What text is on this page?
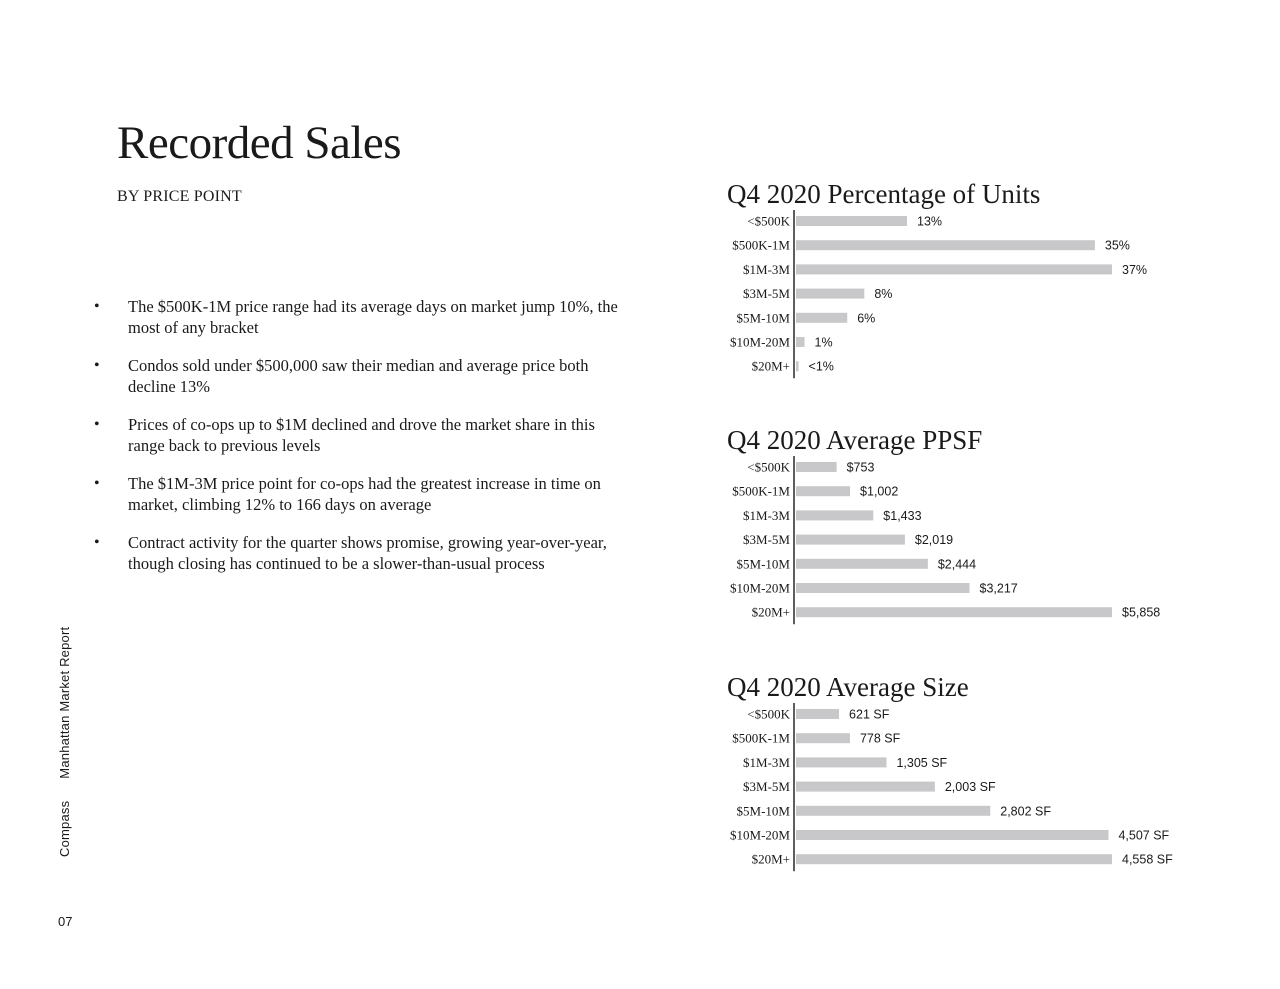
Recorded Sales
BY PRICE POINT
• The $500K-1M price range had its average days on market jump 10%, the most of any bracket
• Condos sold under $500,000 saw their median and average price both decline 13%
• Prices of co-ops up to $1M declined and drove the market share in this range back to previous levels
• The $1M-3M price point for co-ops had the greatest increase in time on market, climbing 12% to 166 days on average
• Contract activity for the quarter shows promise, growing year-over-year, though closing has continued to be a slower-than-usual process
CompassManhattan Market Report
07
Q4 2020 Percentage of Units
<$500K	13%
$500K-1M	35%
$1M-3M	37%
$3M-5M	8%
$5M-10M	6%
$10M-20M 1%
$20M+ <1%
Q4 2020 Average PPSF
<$500K	$753
$500K-1M	$1,002
$1M-3M	$1,433
$3M-5M	$2,019
$5M-10M	$2,444
$10M-20M	$3,217
$20M+	$5,858
Q4 2020 Average Size
<$500K	621 SF
$500K-1M	778 SF
$1M-3M	1,305 SF
$3M-5M	2,003 SF
$5M-10M	2,802 SF
$10M-20M	4,507 SF
$20M+	4,558 SF
